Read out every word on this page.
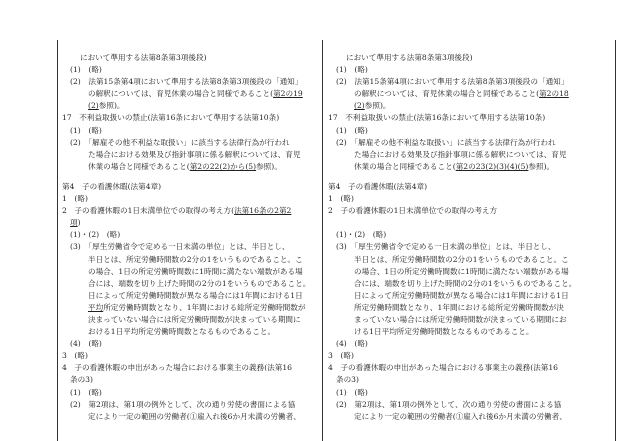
において準用する法第8条第3項後段)
(1)　(略)
(2)　法第15条第4項において準用する法第8条第3項後段の「通知」
の解釈については、育児休業の場合と同様であること(第2の19
(2)参照)。
17　不利益取扱いの禁止(法第16条において準用する法第10条)
(1)　(略)
(2)　「解雇その他不利益な取扱い」に該当する法律行為が行われ
た場合における効果及び指針事項に係る解釈については、育児
休業の場合と同様であること(第2の22(2)から(5)参照)。
第4　子の看護休暇(法第4章)
1　(略)
2　子の看護休暇の1日未満単位での取得の考え方(法第16条の2第2
項)
(1)・(2)　(略)
(3)　「厚生労働省令で定める一日未満の単位」とは、半日とし、
半日とは、所定労働時間数の2分の1をいうものであること。こ
の場合、1日の所定労働時間数に1時間に満たない端数がある場
合には、端数を切り上げた時間の2分の1をいうものであること。
日によって所定労働時間数が異なる場合には1年間における1日
平均所定労働時間数となり、1年間における総所定労働時間数が
決まっていない場合には所定労働時間数が決まっている期間に
おける1日平均所定労働時間数となるものであること。
(4)　(略)
3　(略)
4　子の看護休暇の申出があった場合における事業主の義務(法第16
条の3)
(1)　(略)
(2)　第2項は、第1項の例外として、次の通り労使の書面による協
定により一定の範囲の労働者(①雇入れ後6か月未満の労働者、
において準用する法第8条第3項後段)
(1)　(略)
(2)　法第15条第4項において準用する法第8条第3項後段の「通知」
の解釈については、育児休業の場合と同様であること(第2の18
(2)参照)。
17　不利益取扱いの禁止(法第16条において準用する法第10条)
(1)　(略)
(2)　「解雇その他不利益な取扱い」に該当する法律行為が行われ
た場合における効果及び指針事項に係る解釈については、育児
休業の場合と同様であること(第2の23(2)(3)(4)(5)参照)。
第4　子の看護休暇(法第4章)
1　(略)
2　子の看護休暇の1日未満単位での取得の考え方

(1)・(2)　(略)
(3)　「厚生労働省令で定める一日未満の単位」とは、半日とし、
半日とは、所定労働時間数の2分の1をいうものであること。こ
の場合、1日の所定労働時間数に1時間に満たない端数がある場
合には、端数を切り上げた時間の2分の1をいうものであること。
日によって所定労働時間数が異なる場合には1年間における1日
所定労働時間数となり、1年間における総所定労働時間数が決
まっていない場合には所定労働時間数が決まっている期間にお
ける1日平均所定労働時間数となるものであること。
(4)　(略)
3　(略)
4　子の看護休暇の申出があった場合における事業主の義務(法第16
条の3)
(1)　(略)
(2)　第2項は、第1項の例外として、次の通り労使の書面による協
定により一定の範囲の労働者(①雇入れ後6か月未満の労働者、
